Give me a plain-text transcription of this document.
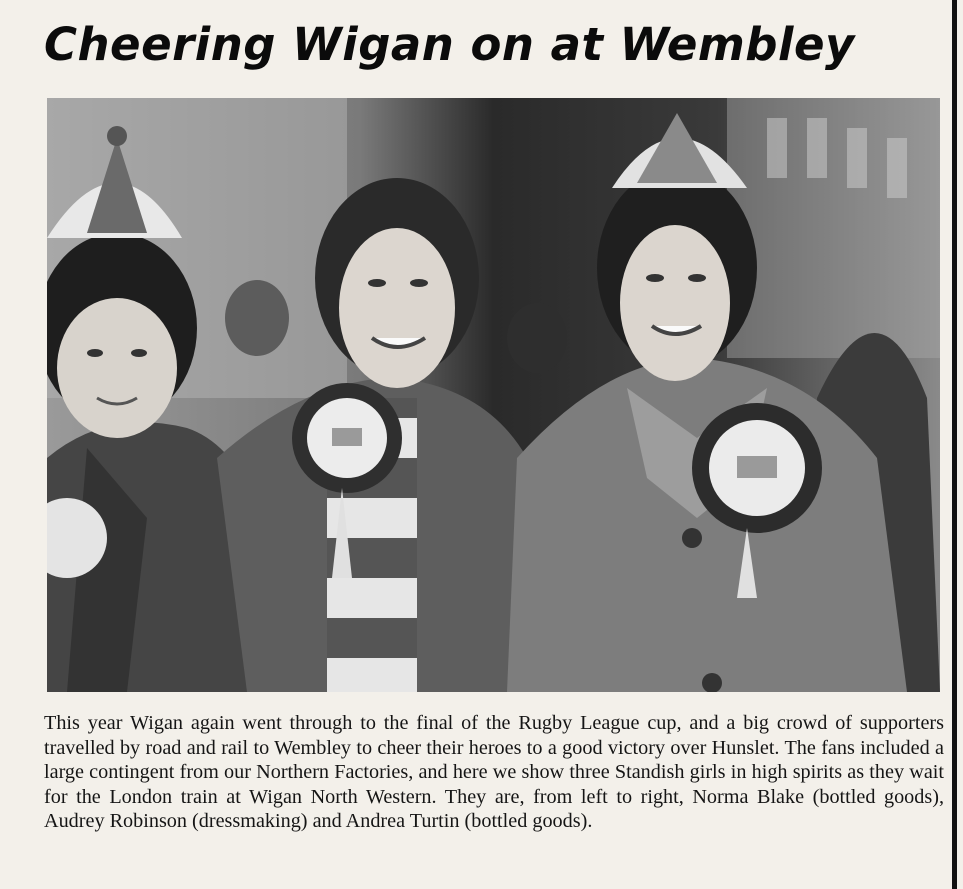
Cheering Wigan on at Wembley

This year Wigan again went through to the final of the Rugby League cup, and a big crowd of supporters travelled by road and rail to Wembley to cheer their heroes to a good victory over Hunslet. The fans included a large contingent from our Northern Factories, and here we show three Standish girls in high spirits as they wait for the London train at Wigan North Western. They are, from left to right, Norma Blake (bottled goods), Audrey Robinson (dressmaking) and Andrea Turtin (bottled goods).
